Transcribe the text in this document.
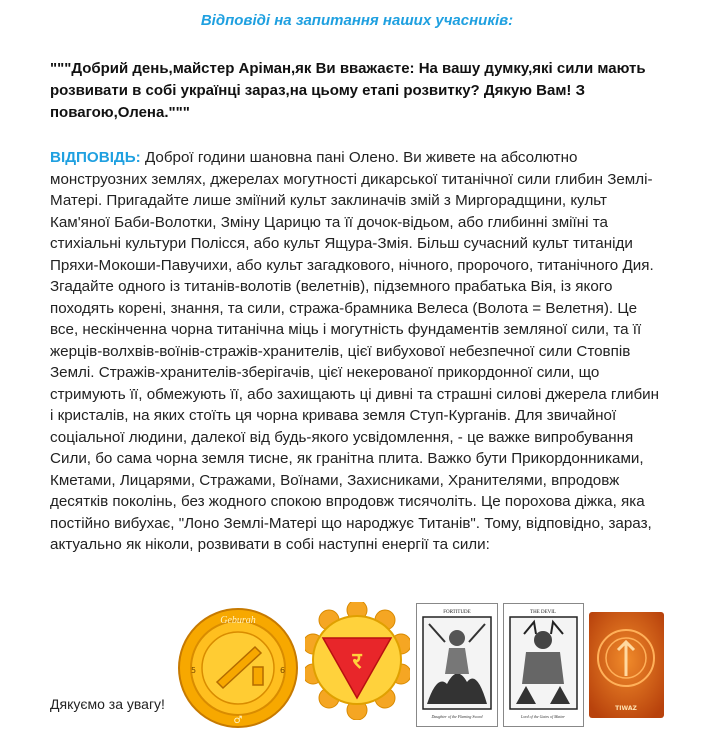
Відповіді на запитання наших учасників:
"""Добрий день,майстер Аріман,як Ви вважаєте: На вашу думку,які сили мають розвивати в собі українці зараз,на цьому етапі розвитку? Дякую Вам! З повагою,Олена."""
ВІДПОВІДЬ: Доброї години шановна пані Олено. Ви живете на абсолютно монструозних землях, джерелах могутності дикарської титанічної сили глибин Землі-Матері. Пригадайте лише зміїний культ заклиначів змій з Миргорадщини, культ Кам'яної Баби-Волотки, Зміну Царицю та її дочок-відьом, або глибинні зміїні та стихіальні культури Полісся, або культ Ящура-Змія. Більш сучасний культ титаніди Пряхи-Мокоши-Павучихи, або культ загадкового, нічного, пророчого, титанічного Дия. Згадайте одного із титанів-волотів (велетнів), підземного прабатька Вія, із якого походять корені, знання, та сили, стража-брамника Велеса (Волота = Велетня). Це все, нескінченна чорна титанічна міць і могутність фундаментів земляної сили, та її жерців-волхвів-воїнів-стражів-хранителів, цієї вибухової небезпечної сили Стовпів Землі. Стражів-хранителів-зберігачів, цієї некерованої прикордонної сили, що стримують її, обмежують її, або захищають ці дивні та страшні силові джерела глибин і кристалів, на яких стоїть ця чорна кривава земля Ступ-Курганів. Для звичайної соціальної людини, далекої від будь-якого усвідомлення, - це важке випробування Сили, бо сама чорна земля тисне, як гранітна плита. Важко бути Прикордонниками, Кметами, Лицарями, Стражами, Воїнами, Захисниками, Хранителями, впродовж десятків поколінь, без жодного спокою впродовж тисячоліть. Це порохова діжка, яка постійно вибухає, "Лоно Землі-Матері що народжує Титанів". Тому, відповідно, зараз, актуально як ніколи, розвивати в собі наступні енергії та сили:
Дякуємо за увагу!
Geburah
♂
5	6	र
FORTITUDE
Daughter of the Flaming Sword
THE DEVIL
Lord of the Gates of Matter
TIWAZ
